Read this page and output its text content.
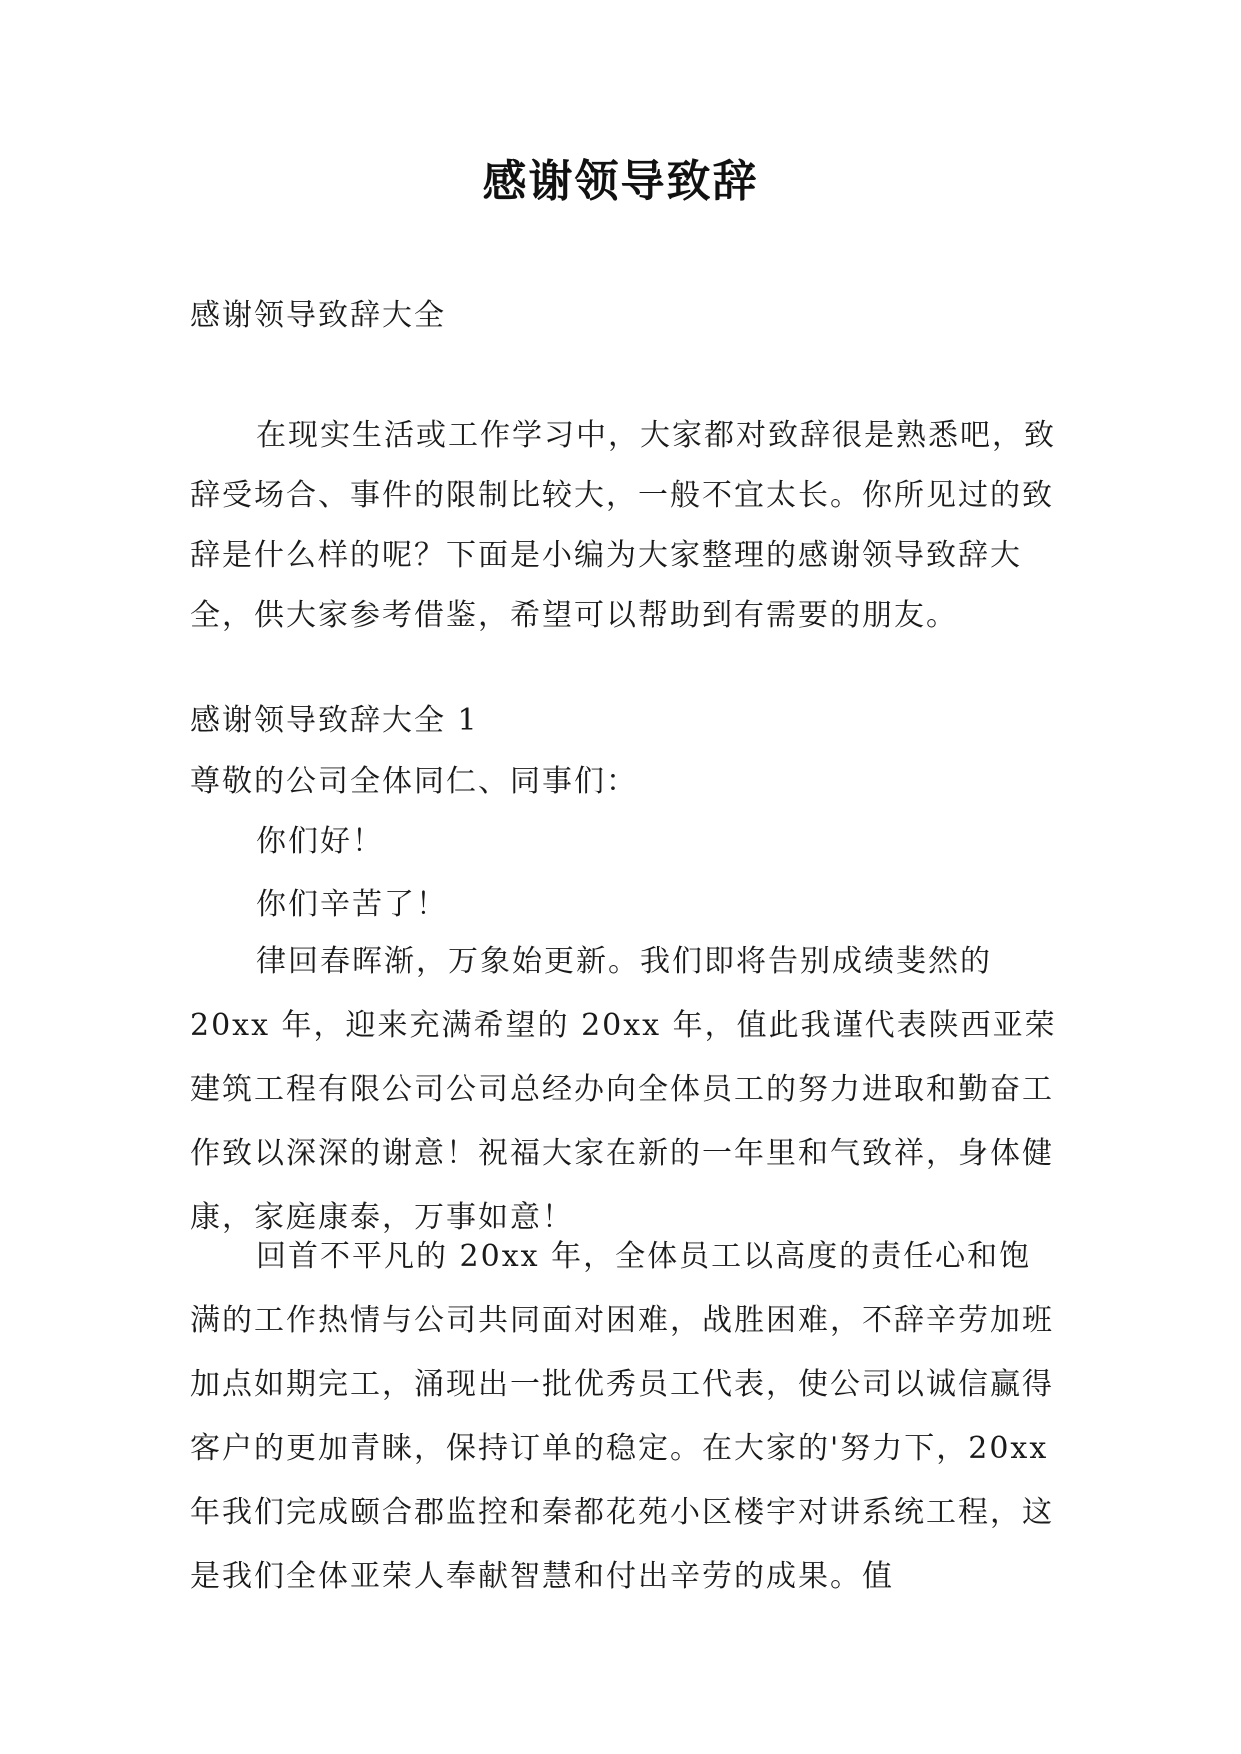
感谢领导致辞
感谢领导致辞大全
在现实生活或工作学习中，大家都对致辞很是熟悉吧，致辞受场合、事件的限制比较大，一般不宜太长。你所见过的致辞是什么样的呢？下面是小编为大家整理的感谢领导致辞大全，供大家参考借鉴，希望可以帮助到有需要的朋友。
感谢领导致辞大全 1
尊敬的公司全体同仁、同事们：
你们好！
你们辛苦了！
律回春晖渐，万象始更新。我们即将告别成绩斐然的 20xx 年，迎来充满希望的 20xx 年，值此我谨代表陕西亚荣建筑工程有限公司公司总经办向全体员工的努力进取和勤奋工作致以深深的谢意！祝福大家在新的一年里和气致祥，身体健康，家庭康泰，万事如意！
回首不平凡的 20xx 年，全体员工以高度的责任心和饱满的工作热情与公司共同面对困难，战胜困难，不辞辛劳加班加点如期完工，涌现出一批优秀员工代表，使公司以诚信赢得客户的更加青睐，保持订单的稳定。在大家的'努力下，20xx 年我们完成颐合郡监控和秦都花苑小区楼宇对讲系统工程，这是我们全体亚荣人奉献智慧和付出辛劳的成果。值
